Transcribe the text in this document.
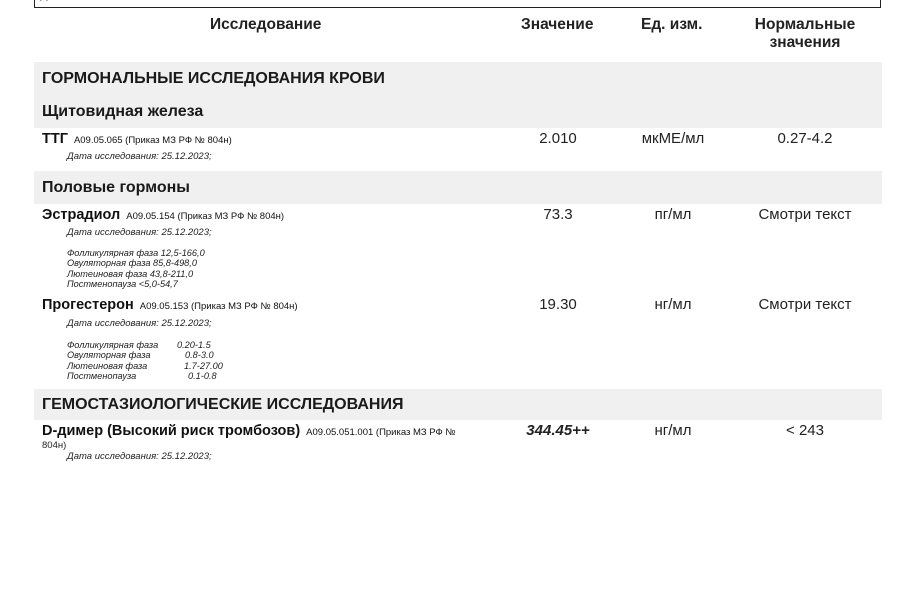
Исследование	Значение	Ед. изм.	Нормальные
значения
ГОРМОНАЛЬНЫЕ ИССЛЕДОВАНИЯ КРОВИ
Щитовидная железа
ТТГ A09.05.065 (Приказ МЗ РФ № 804н)
Дата исследования: 25.12.2023;
2.010	мкМЕ/мл	0.27-4.2
Половые гормоны
Эстрадиол A09.05.154 (Приказ МЗ РФ № 804н)
Дата исследования: 25.12.2023;
Фолликулярная фаза 12,5-166,0
Овуляторная фаза 85,8-498,0
Лютеиновая фаза 43,8-211,0
Постменопауза <5,0-54,7
73.3	пг/мл	Смотри текст
Прогестерон A09.05.153 (Приказ МЗ РФ № 804н)
Дата исследования: 25.12.2023;
Фолликулярная фаза 0.20-1.5
Овуляторная фаза	0.8-3.0
Лютеиновая фаза	1.7-27.00
Постменопауза	0.1-0.8
19.30	нг/мл	Смотри текст
ГЕМОСТАЗИОЛОГИЧЕСКИЕ ИССЛЕДОВАНИЯ
D-димер (Высокий риск тромбозов) A09.05.051.001 (Приказ МЗ РФ №
804н)
Дата исследования: 25.12.2023;
344.45++	нг/мл	< 243
